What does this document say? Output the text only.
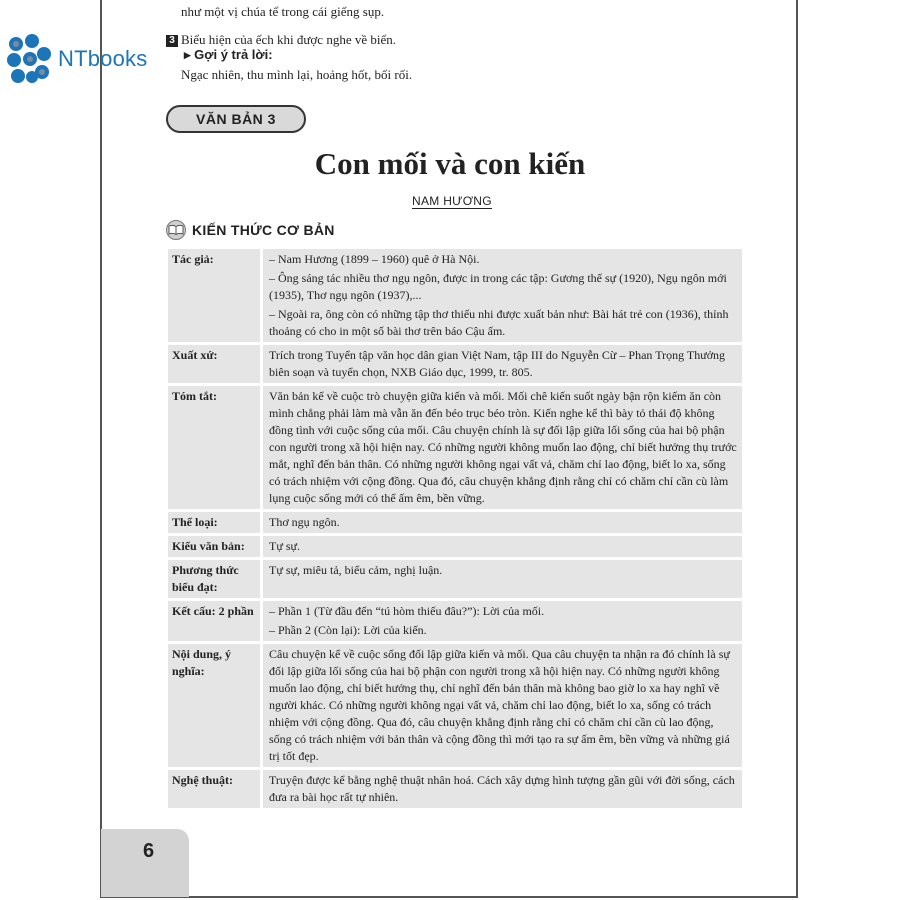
NTbooks
như một vị chúa tể trong cái giếng sụp.
3 Biểu hiện của ếch khi được nghe về biển.
▸ Gợi ý trả lời:
Ngạc nhiên, thu mình lại, hoảng hốt, bối rối.
VĂN BẢN 3
Con mối và con kiến
NAM HƯƠNG
KIẾN THỨC CƠ BẢN
Tác giả:	– Nam Hương (1899 – 1960) quê ở Hà Nội.

– Ông sáng tác nhiều thơ ngụ ngôn, được in trong các tập: Gương thế sự (1920), Ngụ ngôn mới (1935), Thơ ngụ ngôn (1937),...

– Ngoài ra, ông còn có những tập thơ thiếu nhi được xuất bản như: Bài hát trẻ con (1936), thỉnh thoảng có cho in một số bài thơ trên báo Cậu ấm.

Xuất xứ:	Trích trong Tuyển tập văn học dân gian Việt Nam, tập III do Nguyễn Cừ – Phan Trọng Thưởng biên soạn và tuyển chọn, NXB Giáo dục, 1999, tr. 805.
Tóm tắt:	Văn bản kể về cuộc trò chuyện giữa kiến và mối. Mối chê kiến suốt ngày bận rộn kiếm ăn còn mình chẳng phải làm mà vẫn ăn đến béo trục béo tròn. Kiến nghe kể thì bày tỏ thái độ không đồng tình với cuộc sống của mối. Câu chuyện chính là sự đối lập giữa lối sống của hai bộ phận con người trong xã hội hiện nay. Có những người không muốn lao động, chỉ biết hưởng thụ trước mắt, nghĩ đến bản thân. Có những người không ngại vất vả, chăm chỉ lao động, biết lo xa, sống có trách nhiệm với cộng đồng. Qua đó, câu chuyện khẳng định rằng chỉ có chăm chỉ cần cù làm lụng cuộc sống mới có thể ấm êm, bền vững.
Thể loại:	Thơ ngụ ngôn.
Kiểu văn bản:	Tự sự.
Phương thức biểu đạt:	Tự sự, miêu tả, biểu cảm, nghị luận.
Kết cấu: 2 phần	– Phần 1 (Từ đầu đến “tú hòm thiếu đâu?”): Lời của mối.

– Phần 2 (Còn lại): Lời của kiến.

Nội dung, ý nghĩa:	Câu chuyện kể về cuộc sống đối lập giữa kiến và mối. Qua câu chuyện ta nhận ra đó chính là sự đối lập giữa lối sống của hai bộ phận con người trong xã hội hiện nay. Có những người không muốn lao động, chỉ biết hưởng thụ, chỉ nghĩ đến bản thân mà không bao giờ lo xa hay nghĩ về người khác. Có những người không ngại vất vả, chăm chỉ lao động, biết lo xa, sống có trách nhiệm với cộng đồng. Qua đó, câu chuyện khẳng định rằng chỉ có chăm chỉ cần cù lao động, sống có trách nhiệm với bản thân và cộng đồng thì mới tạo ra sự ấm êm, bền vững và những giá trị tốt đẹp.
Nghệ thuật:	Truyện được kể bằng nghệ thuật nhân hoá. Cách xây dựng hình tượng gần gũi với đời sống, cách đưa ra bài học rất tự nhiên.
6
